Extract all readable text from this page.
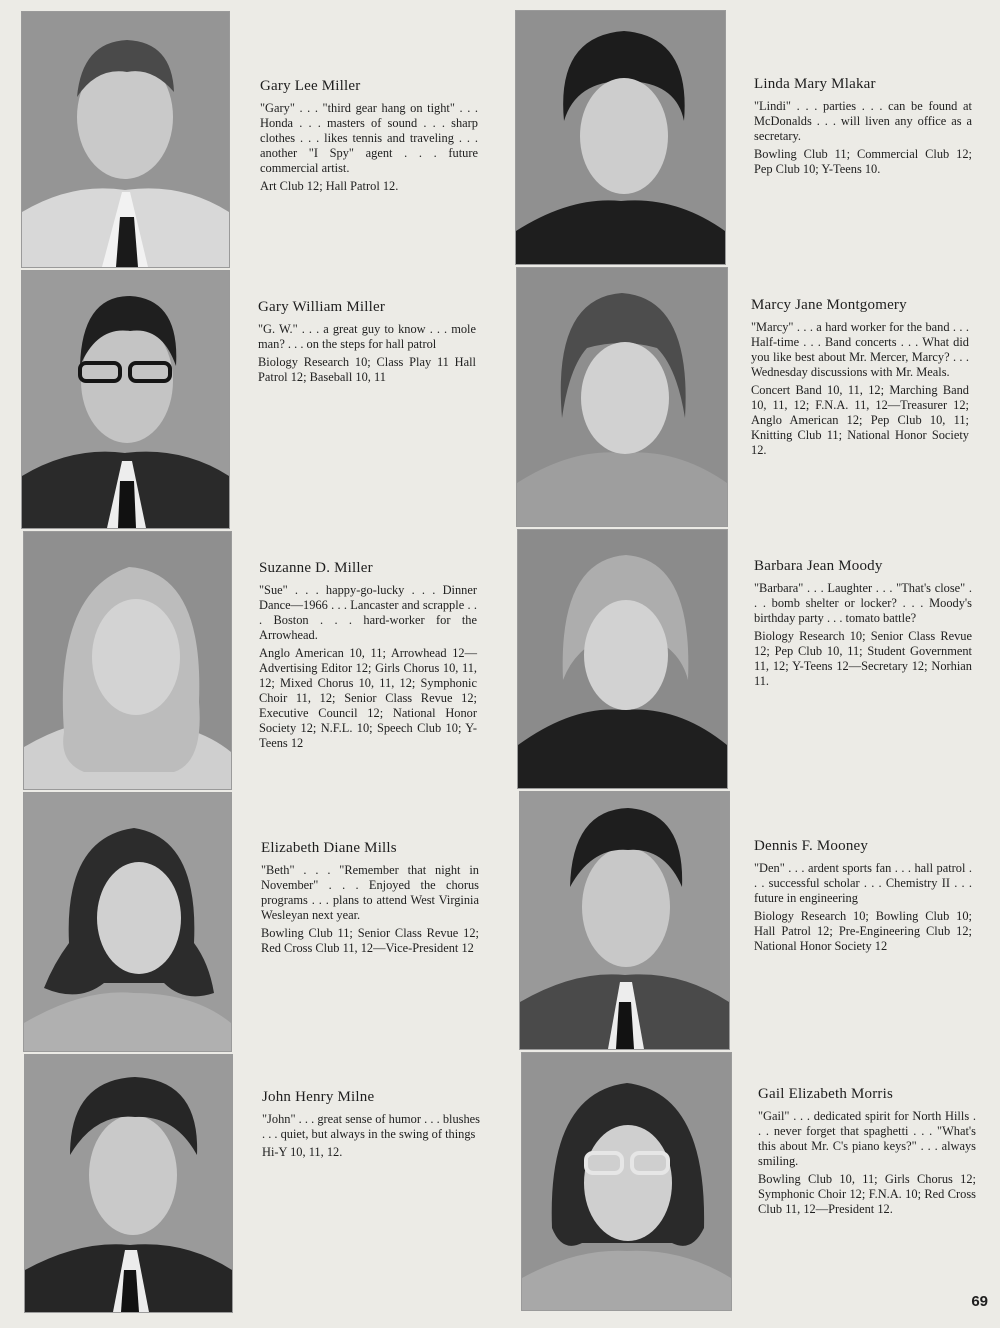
Gary Lee Miller
"Gary" . . . "third gear hang on tight" . . . Honda . . . masters of sound . . . sharp clothes . . . likes tennis and traveling . . . another "I Spy" agent . . . future commercial artist.
Art Club 12; Hall Patrol 12.
Gary William Miller
"G. W." . . . a great guy to know . . . mole man? . . . on the steps for hall patrol
Biology Research 10; Class Play 11 Hall Patrol 12; Baseball 10, 11
Suzanne D. Miller
"Sue" . . . happy-go-lucky . . . Dinner Dance—1966 . . . Lancaster and scrapple . . . Boston . . . hard-worker for the Arrowhead.
Anglo American 10, 11; Arrowhead 12—Advertising Editor 12; Girls Chorus 10, 11, 12; Mixed Chorus 10, 11, 12; Symphonic Choir 11, 12; Senior Class Revue 12; Executive Council 12; National Honor Society 12; N.F.L. 10; Speech Club 10; Y-Teens 12
Elizabeth Diane Mills
"Beth" . . . "Remember that night in November" . . . Enjoyed the chorus programs . . . plans to attend West Virginia Wesleyan next year.
Bowling Club 11; Senior Class Revue 12; Red Cross Club 11, 12—Vice-President 12
John Henry Milne
"John" . . . great sense of humor . . . blushes . . . quiet, but always in the swing of things
Hi-Y 10, 11, 12.
Linda Mary Mlakar
"Lindi" . . . parties . . . can be found at McDonalds . . . will liven any office as a secretary.
Bowling Club 11; Commercial Club 12; Pep Club 10; Y-Teens 10.
Marcy Jane Montgomery
"Marcy" . . . a hard worker for the band . . . Half-time . . . Band concerts . . . What did you like best about Mr. Mercer, Marcy? . . . Wednesday discussions with Mr. Meals.
Concert Band 10, 11, 12; Marching Band 10, 11, 12; F.N.A. 11, 12—Treasurer 12; Anglo American 12; Pep Club 10, 11; Knitting Club 11; National Honor Society 12.
Barbara Jean Moody
"Barbara" . . . Laughter . . . "That's close" . . . bomb shelter or locker? . . . Moody's birthday party . . . tomato battle?
Biology Research 10; Senior Class Revue 12; Pep Club 10, 11; Student Government 11, 12; Y-Teens 12—Secretary 12; Norhian 11.
Dennis F. Mooney
"Den" . . . ardent sports fan . . . hall patrol . . . successful scholar . . . Chemistry II . . . future in engineering
Biology Research 10; Bowling Club 10; Hall Patrol 12; Pre-Engineering Club 12; National Honor Society 12
Gail Elizabeth Morris
"Gail" . . . dedicated spirit for North Hills . . . never forget that spaghetti . . . "What's this about Mr. C's piano keys?" . . . always smiling.
Bowling Club 10, 11; Girls Chorus 12; Symphonic Choir 12; F.N.A. 10; Red Cross Club 11, 12—President 12.
69
